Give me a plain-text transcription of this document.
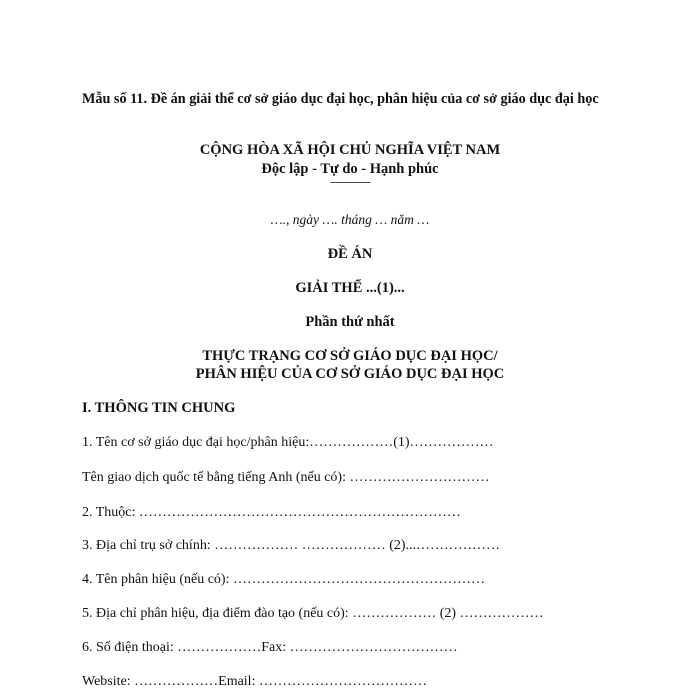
Mẫu số 11. Đề án giải thể cơ sở giáo dục đại học, phân hiệu của cơ sở giáo dục đại học

CỘNG HÒA XÃ HỘI CHỦ NGHĨA VIỆT NAM

Độc lập - Tự do - Hạnh phúc

---------------

…., ngày …. tháng … năm …

ĐỀ ÁN

GIẢI THỂ ...(1)...

Phần thứ nhất

THỰC TRẠNG CƠ SỞ GIÁO DỤC ĐẠI HỌC/

PHÂN HIỆU CỦA CƠ SỞ GIÁO DỤC ĐẠI HỌC

I. THÔNG TIN CHUNG

1. Tên cơ sở giáo dục đại học/phân hiệu:………………(1)………………

Tên giao dịch quốc tế bằng tiếng Anh (nếu có): …………………………

2. Thuộc: ……………………………………………………………

3. Địa chỉ trụ sở chính: ……………… ……………… (2)...………………

4. Tên phân hiệu (nếu có): ………………………………………………

5. Địa chỉ phân hiệu, địa điểm đào tạo (nếu có): ……………… (2) ………………

6. Số điện thoại: ………………Fax: ………………………………

Website: ………………Email: ………………………………
